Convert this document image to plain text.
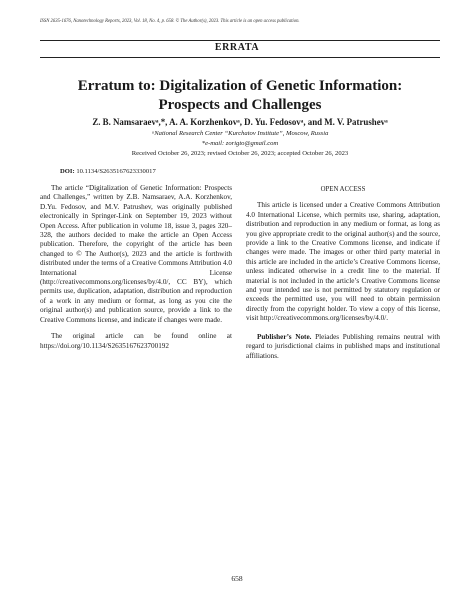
ISSN 2635-1676, Nanotechnology Reports, 2023, Vol. 18, No. 4, p. 658. © The Author(s), 2023. This article is an open access publication.
ERRATA
Erratum to: Digitalization of Genetic Information:
Prospects and Challenges
Z. B. Namsaraevᵃ,*, A. A. Korzhenkovᵃ, D. Yu. Fedosovᵃ, and M. V. Patrushevᵃ
ᵃNational Research Center “Kurchatov Institute”, Moscow, Russia
*e-mail: zorigto@gmail.com
Received October 26, 2023; revised October 26, 2023; accepted October 26, 2023
DOI: 10.1134/S2635167623330017

The article “Digitalization of Genetic Information: Prospects and Challenges,” written by Z.B. Namsaraev, A.A. Korzhenkov, D.Yu. Fedosov, and M.V. Patrushev, was originally published electronically in Springer-Link on September 19, 2023 without Open Access. After publication in volume 18, issue 3, pages 320–328, the authors decided to make the article an Open Access publication. Therefore, the copyright of the article has been changed to © The Author(s), 2023 and the article is forthwith distributed under the terms of a Creative Commons Attribution 4.0 International License (http://creativecommons.org/licenses/by/4.0/, CC BY), which permits use, duplication, adaptation, distribution and reproduction of a work in any medium or format, as long as you cite the original author(s) and publication source, provide a link to the Creative Commons license, and indicate if changes were made.

The original article can be found online at https://doi.org/10.1134/S2635167623700192

OPEN ACCESS

This article is licensed under a Creative Commons Attribution 4.0 International License, which permits use, sharing, adaptation, distribution and reproduction in any medium or format, as long as you give appropriate credit to the original author(s) and the source, provide a link to the Creative Commons license, and indicate if changes were made. The images or other third party material in this article are included in the article’s Creative Commons license, unless indicated otherwise in a credit line to the material. If material is not included in the article’s Creative Commons license and your intended use is not permitted by statutory regulation or exceeds the permitted use, you will need to obtain permission directly from the copyright holder. To view a copy of this license, visit http://creativecommons.org/licenses/by/4.0/.

Publisher’s Note. Pleiades Publishing remains neutral with regard to jurisdictional claims in published maps and institutional affiliations.

658
